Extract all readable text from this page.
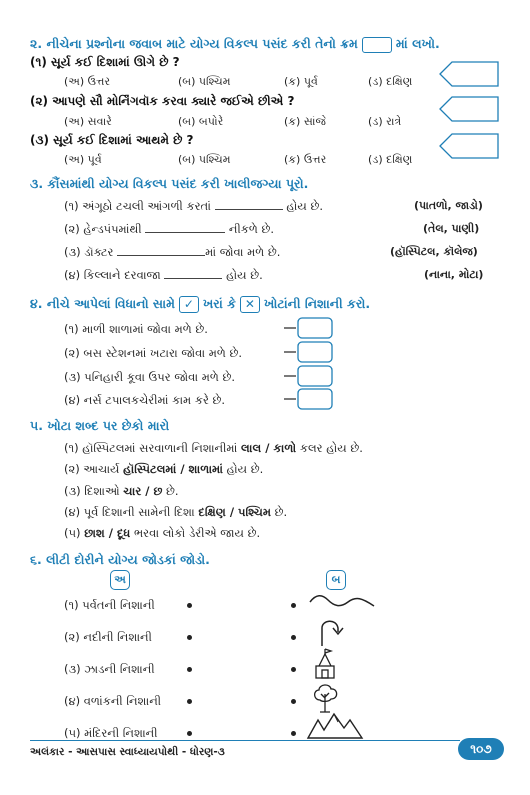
૨. નીચેના પ્રશ્નોના જવાબ માટે યોગ્ય વિકલ્પ પસંદ કરી તેનો ક્રમ	માં લખો.
(૧) સૂર્ય કઈ દિશામાં ઊગે છે ?
(અ) ઉત્તર	(બ) પશ્ચિમ	(ક) પૂર્વ	(ડ) દક્ષિણ
(૨) આપણે સૌ મોર્નિંગવૉક કરવા ક્યારે જઈએ છીએ ?
(અ) સવારે	(બ) બપોરે	(ક) સાંજે	(ડ) રાત્રે
(૩) સૂર્ય કઈ દિશામાં આથમે છે ?
(અ) પૂર્વ	(બ) પશ્ચિમ	(ક) ઉત્તર	(ડ) દક્ષિણ
૩. કૌંસમાંથી યોગ્ય વિકલ્પ પસંદ કરી ખાલીજગ્યા પૂરો.
(૧) અંગૂઠો ટચલી આંગળી કરતાં	હોય છે.	(પાતળો, જાડો)
(૨) હેન્ડપંપમાંથી	નીકળે છે.	(તેલ, પાણી)
(૩) ડૉક્ટર	માં જોવા મળે છે.	(હૉસ્પિટલ, કૉલેજ)
(૪) કિલ્લાને દરવાજા	હોય છે.	(નાના, મોટા)
૪. નીચે આપેલાં વિધાનો સામે ✓ ખરાં કે ✕ ખોટાંની નિશાની કરો.
(૧) માળી શાળામાં જોવા મળે છે.
(૨) બસ સ્ટેશનમાં ખટારા જોવા મળે છે.
(૩) પનિહારી કૂવા ઉપર જોવા મળે છે.
(૪) નર્સ ટપાલકચેરીમાં કામ કરે છે.
૫. ખોટા શબ્દ પર છેકો મારો
(૧) હૉસ્પિટલમાં સરવાળાની નિશાનીમાં લાલ / કાળો કલર હોય છે.
(૨) આચાર્ય હૉસ્પિટલમાં / શાળામાં હોય છે.
(૩) દિશાઓ ચાર / છ છે.
(૪) પૂર્વ દિશાની સામેની દિશા દક્ષિણ / પશ્ચિમ છે.
(૫) છાશ / દૂધ ભરવા લોકો ડેરીએ જાય છે.
૬. લીટી દોરીને યોગ્ય જોડકાં જોડો.
અ	બ
(૧) પર્વતની નિશાની
(૨) નદીની નિશાની
(૩) ઝાડની નિશાની
(૪) વળાંકની નિશાની
(૫) મંદિરની નિશાની
અલંકાર - આસપાસ સ્વાધ્યાયપોથી - ધોરણ-૩	૧૦૭
